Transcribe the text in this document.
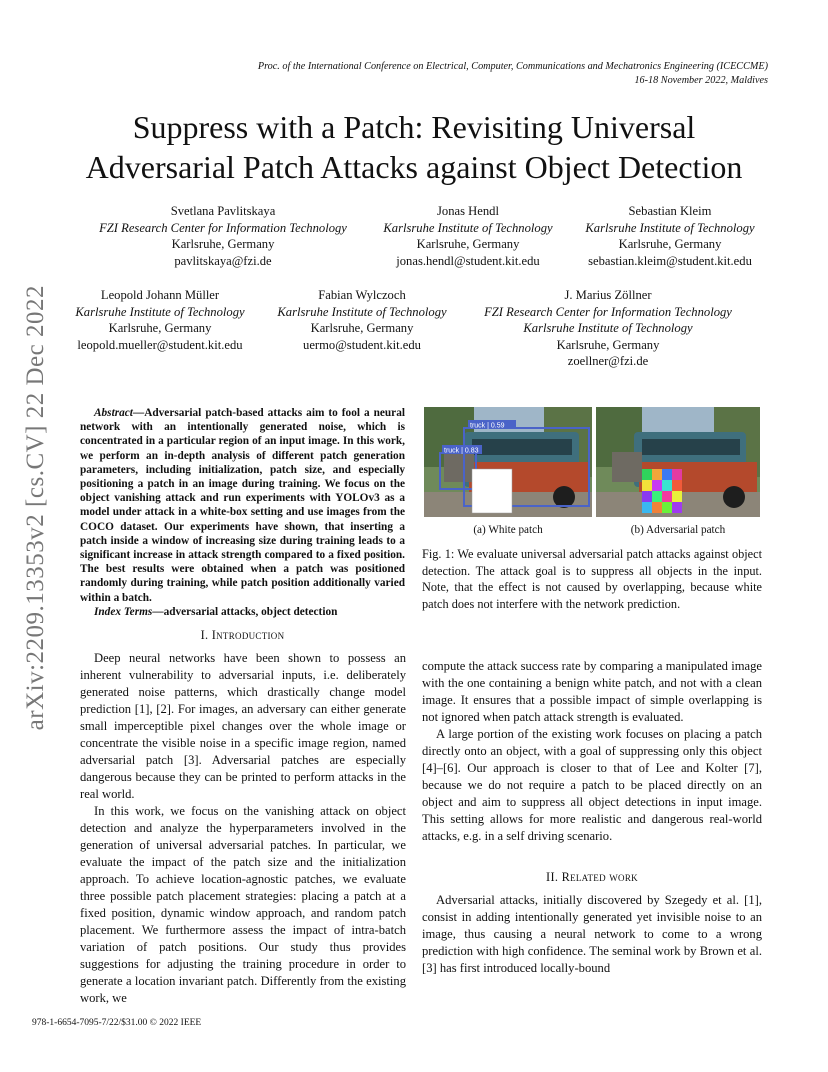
Proc. of the International Conference on Electrical, Computer, Communications and Mechatronics Engineering (ICECCME)
16-18 November 2022, Maldives
Suppress with a Patch: Revisiting Universal
Adversarial Patch Attacks against Object Detection
arXiv:2209.13353v2 [cs.CV] 22 Dec 2022
Svetlana Pavlitskaya
FZI Research Center for Information Technology
Karlsruhe, Germany
pavlitskaya@fzi.de
Jonas Hendl
Karlsruhe Institute of Technology
Karlsruhe, Germany
jonas.hendl@student.kit.edu
Sebastian Kleim
Karlsruhe Institute of Technology
Karlsruhe, Germany
sebastian.kleim@student.kit.edu
Leopold Johann Müller
Karlsruhe Institute of Technology
Karlsruhe, Germany
leopold.mueller@student.kit.edu
Fabian Wylczoch
Karlsruhe Institute of Technology
Karlsruhe, Germany
uermo@student.kit.edu
J. Marius Zöllner
FZI Research Center for Information Technology
Karlsruhe Institute of Technology
Karlsruhe, Germany
zoellner@fzi.de
Abstract—Adversarial patch-based attacks aim to fool a neural network with an intentionally generated noise, which is concentrated in a particular region of an input image. In this work, we perform an in-depth analysis of different patch generation parameters, including initialization, patch size, and especially positioning a patch in an image during training. We focus on the object vanishing attack and run experiments with YOLOv3 as a model under attack in a white-box setting and use images from the COCO dataset. Our experiments have shown, that inserting a patch inside a window of increasing size during training leads to a significant increase in attack strength compared to a fixed position. The best results were obtained when a patch was positioned randomly during training, while patch position additionally varied within a batch.
Index Terms—adversarial attacks, object detection
I. Introduction

Deep neural networks have been shown to possess an inherent vulnerability to adversarial inputs, i.e. deliberately generated noise patterns, which drastically change model prediction [1], [2]. For images, an adversary can either generate small imperceptible pixel changes over the whole image or concentrate the visible noise in a specific image region, named adversarial patch [3]. Adversarial patches are especially dangerous because they can be printed to perform attacks in the real world.

In this work, we focus on the vanishing attack on object detection and analyze the hyperparameters involved in the generation of universal adversarial patches. In particular, we evaluate the impact of the patch size and the initialization approach. To achieve location-agnostic patches, we evaluate three possible patch placement strategies: placing a patch at a fixed position, dynamic window approach, and random patch placement. We furthermore assess the impact of intra-batch variation of patch positions. Our study thus provides suggestions for adjusting the training procedure in order to generate a location invariant patch. Differently from the existing work, we

truck | 0.59
truck | 0.83
(a) White patch	(b) Adversarial patch
Fig. 1: We evaluate universal adversarial patch attacks against object detection. The attack goal is to suppress all objects in the input. Note, that the effect is not caused by overlapping, because white patch does not interfere with the network prediction.

compute the attack success rate by comparing a manipulated image with the one containing a benign white patch, and not with a clean image. It ensures that a possible impact of simple overlapping is not ignored when patch attack strength is evaluated.

A large portion of the existing work focuses on placing a patch directly onto an object, with a goal of suppressing only this object [4]–[6]. Our approach is closer to that of Lee and Kolter [7], because we do not require a patch to be placed directly on an object and aim to suppress all object detections in input image. This setting allows for more realistic and dangerous real-world attacks, e.g. in a self driving scenario.

II. Related work

Adversarial attacks, initially discovered by Szegedy et al. [1], consist in adding intentionally generated yet invisible noise to an image, thus causing a neural network to come to a wrong prediction with high confidence. The seminal work by Brown et al. [3] has first introduced locally-bound

978-1-6654-7095-7/22/$31.00 © 2022 IEEE
